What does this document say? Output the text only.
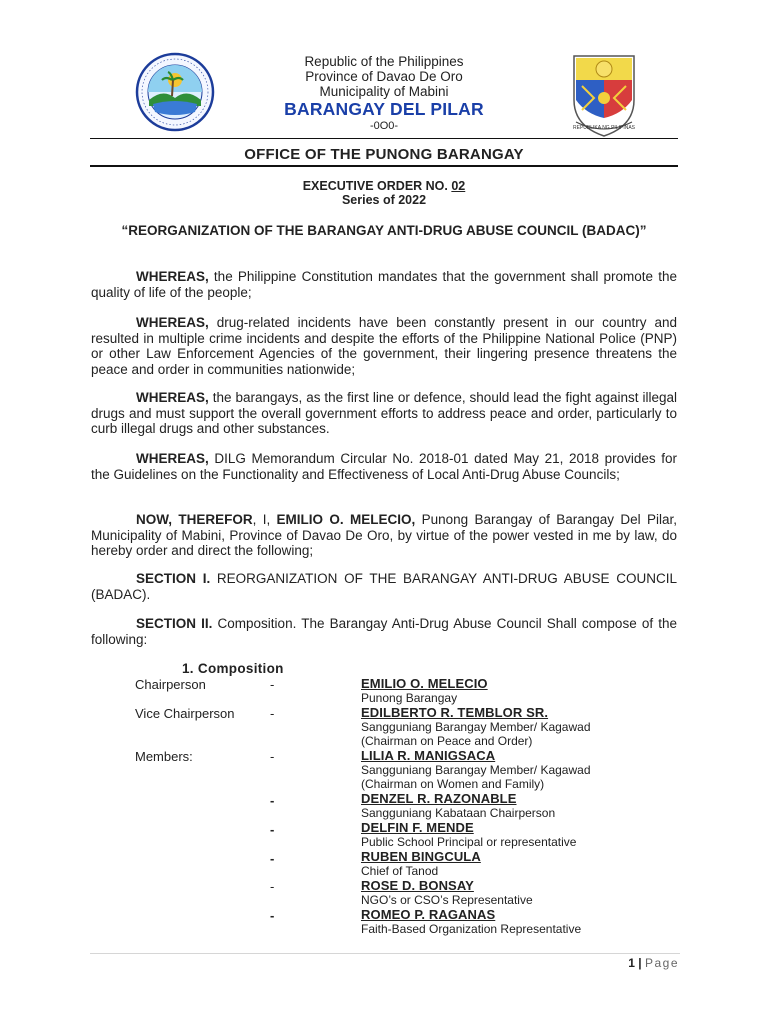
REPUBLIKA NG PILIPINAS
Republic of the Philippines
Province of Davao De Oro
Municipality of Mabini
BARANGAY DEL PILAR
-0O0-
OFFICE OF THE PUNONG BARANGAY
EXECUTIVE ORDER NO. 02
Series of 2022
“REORGANIZATION OF THE BARANGAY ANTI-DRUG ABUSE COUNCIL (BADAC)”
WHEREAS, the Philippine Constitution mandates that the government shall promote the quality of life of the people;
WHEREAS, drug-related incidents have been constantly present in our country and resulted in multiple crime incidents and despite the efforts of the Philippine National Police (PNP) or other Law Enforcement Agencies of the government, their lingering presence threatens the peace and order in communities nationwide;
WHEREAS, the barangays, as the first line or defence, should lead the fight against illegal drugs and must support the overall government efforts to address peace and order, particularly to curb illegal drugs and other substances.
WHEREAS, DILG Memorandum Circular No. 2018-01 dated May 21, 2018 provides for the Guidelines on the Functionality and Effectiveness of Local Anti-Drug Abuse Councils;
NOW, THEREFOR, I, EMILIO O. MELECIO, Punong Barangay of Barangay Del Pilar, Municipality of Mabini, Province of Davao De Oro, by virtue of the power vested in me by law, do hereby order and direct the following;
SECTION I. REORGANIZATION OF THE BARANGAY ANTI-DRUG ABUSE COUNCIL (BADAC).
SECTION II. Composition. The Barangay Anti-Drug Abuse Council Shall compose of the following:
1. Composition
Chairperson
Vice Chairperson
Members:
-
-
-
-
-
-
-
-
EMILIO O. MELECIO
Punong Barangay
EDILBERTO R. TEMBLOR SR.
Sangguniang Barangay Member/ Kagawad
(Chairman on Peace and Order)
LILIA R. MANIGSACA
Sangguniang Barangay Member/ Kagawad
(Chairman on Women and Family)
DENZEL R. RAZONABLE
Sangguniang Kabataan Chairperson
DELFIN F. MENDE
Public School Principal or representative
RUBEN BINGCULA
Chief of Tanod
ROSE D. BONSAY
NGO’s or CSO’s Representative
ROMEO P. RAGANAS
Faith-Based Organization Representative
1 | Page
